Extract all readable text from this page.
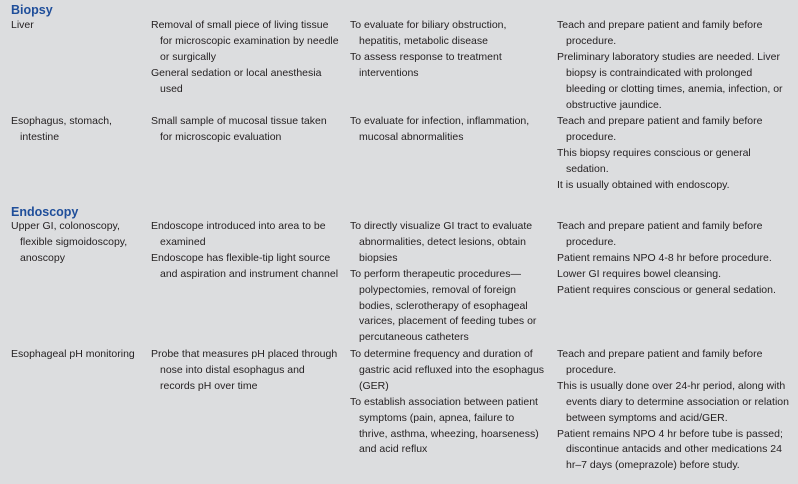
Biopsy

Liver	Removal of small piece of living tissue for microscopic examination by needle or surgically

General sedation or local anesthesia used

To evaluate for biliary obstruction, hepatitis, metabolic disease

To assess response to treatment interventions

Teach and prepare patient and family before procedure.

Preliminary laboratory studies are needed. Liver biopsy is contraindicated with prolonged bleeding or clotting times, anemia, infection, or obstructive jaundice.

Esophagus, stomach, intestine

Small sample of mucosal tissue taken for microscopic evaluation

To evaluate for infection, inflammation, mucosal abnormalities

Teach and prepare patient and family before procedure.

This biopsy requires conscious or general sedation.

It is usually obtained with endoscopy.

Endoscopy

Upper GI, colonoscopy, flexible sigmoidoscopy, anoscopy

Endoscope introduced into area to be examined

Endoscope has flexible-tip light source and aspiration and instrument channel

To directly visualize GI tract to evaluate abnormalities, detect lesions, obtain biopsies

To perform therapeutic procedures—polypectomies, removal of foreign bodies, sclerotherapy of esophageal varices, placement of feeding tubes or percutaneous catheters

Teach and prepare patient and family before procedure.

Patient remains NPO 4-8 hr before procedure.

Lower GI requires bowel cleansing.

Patient requires conscious or general sedation.

Esophageal pH monitoring	Probe that measures pH placed through nose into distal esophagus and records pH over time

To determine frequency and duration of gastric acid refluxed into the esophagus (GER)

To establish association between patient symptoms (pain, apnea, failure to thrive, asthma, wheezing, hoarseness) and acid reflux

Teach and prepare patient and family before procedure.

This is usually done over 24-hr period, along with events diary to determine association or relation between symptoms and acid/GER.

Patient remains NPO 4 hr before tube is passed; discontinue antacids and other medications 24 hr–7 days (omeprazole) before study.
